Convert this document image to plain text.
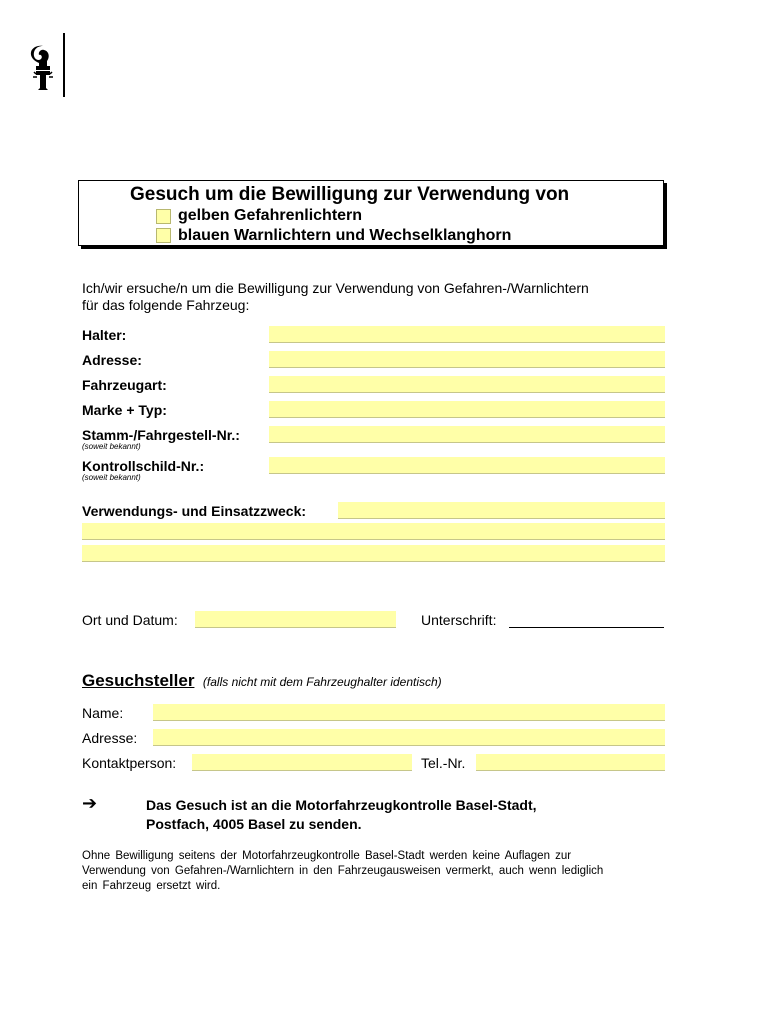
Gesuch um die Bewilligung zur Verwendung von
gelben Gefahrenlichtern
blauen Warnlichtern und Wechselklanghorn
Ich/wir ersuche/n um die Bewilligung zur Verwendung von Gefahren-/Warnlichtern
für das folgende Fahrzeug:
Halter:
Adresse:
Fahrzeugart:
Marke + Typ:
Stamm-/Fahrgestell-Nr.:
(soweit bekannt)
Kontrollschild-Nr.:
(soweit bekannt)
Verwendungs- und Einsatzzweck:
Ort und Datum:	Unterschrift:
Gesuchsteller (falls nicht mit dem Fahrzeughalter identisch)
Name:
Adresse:
Kontaktperson:	Tel.-Nr.
➔	Das Gesuch ist an die Motorfahrzeugkontrolle Basel-Stadt,
Postfach, 4005 Basel zu senden.
Ohne Bewilligung seitens der Motorfahrzeugkontrolle Basel-Stadt werden keine Auflagen zur
Verwendung von Gefahren-/Warnlichtern in den Fahrzeugausweisen vermerkt, auch wenn lediglich
ein Fahrzeug ersetzt wird.
